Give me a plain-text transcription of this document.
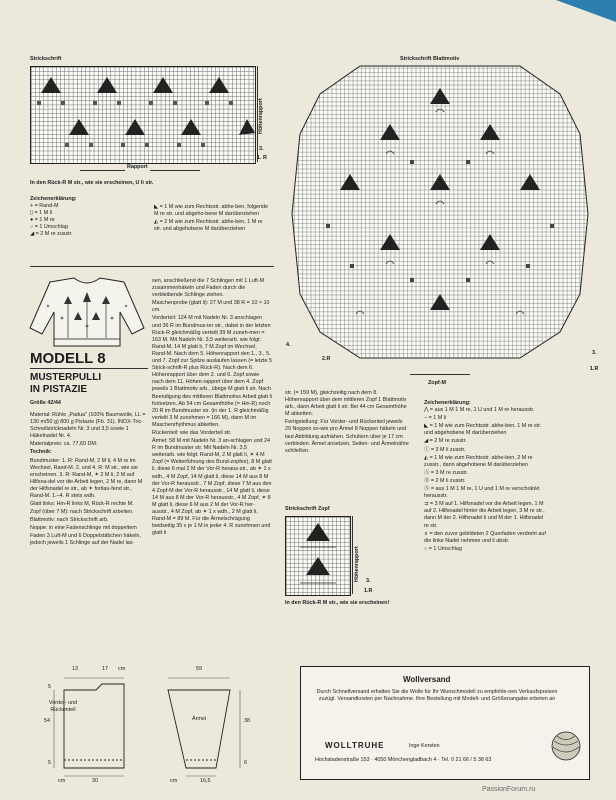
Strickschrift
Höhenrapport
3.
1. R
Rapport
In den Rück-R M str., wie sie erscheinen, U li str.
Zeichenerklärung:
+ = Rand-M
▯ = 1 M li
● = 1 M re
○ = 1 Umschlag
◢ = 2 M re zusstr.

◣ = 1 M wie zum Rechtsstr. abhe-ben, folgende M re str. und abgeho-bene M darüberziehen

◭ = 2 M wie zum Rechtsstr. abhe-ben, 1 M re str. und abgehobene M darüberziehen

MODELL 8
MUSTERPULLI
IN PISTAZIE
Größe 42/44

Material: Rühle „Padua" (100% Baumwolle, LL = 130 m/50 g) 800 g Pistazie (Fb. 31). INOX-Tric-Schnellstricknadeln Nr. 3 und 3,5 sowie 1 Häkelnadel Nr. 4.

Materialpreis: ca. 77,60 DM.

Technik:

Bundmuster: 1. R: Rand-M, 2 M li, 4 M re im Wechsel, Rand-M. 2. und 4. R: M str., wie sie erscheinen. 3. R: Rand-M, ✶ 2 M li, 2 M auf Hilfsna-del vor die Arbeit legen, 2 M re, dann M der Hilfsnadel re str., ab ✶ fortlau-fend str., Rand-M. 1.–4. R stets wdh.

Glatt links: Hin-R links M, Rück-R rechte M.

Zopf (über 7 M): nach Strickschrift arbeiten.

Blattmotiv: nach Strickschrift arb.

Noppe: in eine Fadenschlinge mit doppeltem Faden 3 Luft-M und 6 Doppelstäbchen häkeln, jedoch jeweils 1 Schlinge auf der Nadel las-

sen, anschließend die 7 Schlingen mit 1 Luft-M zusammenhäkeln und Faden durch die verbleibende Schlinge ziehen.

Maschenprobe (glatt li): 27 M und 38 R = 10 × 10 cm.

Vorderteil: 124 M mit Nadeln Nr. 3 anschlagen und 36 R im Bundmus-ter str., dabei in der letzten Rück-R gleichmäßig verteilt 39 M zuneh-men = 163 M. Mit Nadeln Nr. 3,5 weiterarb. wie folgt: Rand-M, 14 M glatt li, 7 M Zopf im Wechsel, Rand-M. Nach dem 5. Höhenrapport den 1., 3., 5. und 7. Zopf zur Spitze auslaufen lassen (= letzte 5 Strick-schrift-R plus Rück-R). Nach dem 6. Höhenrapport über dem 2. und 6. Zopf sowie nach dem 11. Höhen-rapport über dem 4. Zopf jeweils 1 Blattmotiv arb., übrige M glatt li str. Nach Beendigung des mittleren Blattmotivs Arbeit glatt li fortsetzen. Ab 54 cm Gesamthöhe (= Hin-R) noch 20 R im Bundmuster str. (in der 1. R gleichmäßig verteilt 3 M zunehmen = 166 M), dann M im Maschenrhythmus abketten.

Rückenteil: wie das Vorderteil str.

Ärmel: 58 M mit Nadeln Nr. 3 an-schlagen und 24 R im Bundmuster str. Mit Nadeln Nr. 3,5 weiterarb. wie folgt: Rand-M, 2 M glatt li, ✶ 4 M Zopf (= Weiterführung des Bund-zopfes), 8 M glatt li, diese 6 mal 2 M der Vor-R heraus-str., ab ✶ 1 x wdh., 4 M Zopf, 14 M glatt li, diese 14 M aus 8 M der Vor-R herausstr., 7 M Zopf, diese 7 M aus den 4 Zopf-M der Vor-R herausstr., 14 M glatt li, diese 14 M aus 8 M der Vor-R herausstr., 4 M Zopf, ✶ 8 M glatt li, diese 6 M aus 2 M der Vor-R her-ausstr., 4 M Zopf, ab ✶ 1 x wdh., 2 M glatt li, Rand-M = 89 M. Für die Ärmelschrägung beidseitig 35 x je 1 M in jeder 4. R zunehmen und glatt li

Strickschrift Blattmotiv
4.
2.R
3.
1.R
Zopf-M

str. (= 159 M), gleichzeitig nach dem 8. Höhenrapport über dem mittleren Zopf 1 Blattmotiv arb., dann Arbeit glatt li str. Bei 44 cm Gesamthöhe M abketten.

Fertigstellung: Für Vorder- und Rückenteil jeweils 29 Noppen so-wie pro Ärmel 8 Noppen häkeln und laut Abbildung aufnähen. Schultern über je 17 cm verbinden. Ärmel ansetzen, Seiten- und Ärmelnähte schließen.

Strickschrift Zopf
Höhenrapport	3.
1.R
In den Rück-R M str., wie sie erscheinen!
Zeichenerklärung:

⋀ = aus 1 M 1 M re, 1 U und 1 M re herausstr.

− = 1 M li

◣ = 1 M wie zum Rechtsstr. abhe-ben, 1 M re str. und abgehobene M darüberziehen

◢ = 2 M re zusstr.

Ⓘ = 3 M li zusstr.

◭ = 1 M wie zum Rechtsstr. abhe-ben, 2 M re zusstr., dann abgehobene M darüberziehen

Ⓐ = 3 M re zusstr.

Ⓑ = 2 M li zusstr.

Ⓢ = aus 1 M 1 M re, 1 U und 1 M re verschränkt herausstr.

⊐ = 3 M auf 1. Hilfsnadel vor die Arbeit legen, 1 M auf 2. Hilfsnadel hinter die Arbeit legen, 3 M re str., dann M der 2. Hilfsnadel li und M der 1. Hilfsnadel re str.

∨ = den zuvor gebildeten 2 Querfaden verdreht auf die linke Nadel nehmen und li abstr.

○ = 1 Umschlag

Vorder- und Rückenteil
Ärmel
13	17 cm
5
54
5
30
cm
59
38
6
16,5
cm
Wollversand
Durch Schnellversand erhalten Sie die Wolle für Ihr Wunschmodell zu empfohle-nen Verkaufspreisen zuzügl. Versandkosten per Nachnahme. Ihre Bestellung mit Modell- und Größenangabe erbeten an
WOLLTRUHE	Inge Kersten
Hochstadenstraße 153 · 4050 Mönchengladbach 4 · Tel. 0 21 66 / 5 38 63
PassionForum.ru
